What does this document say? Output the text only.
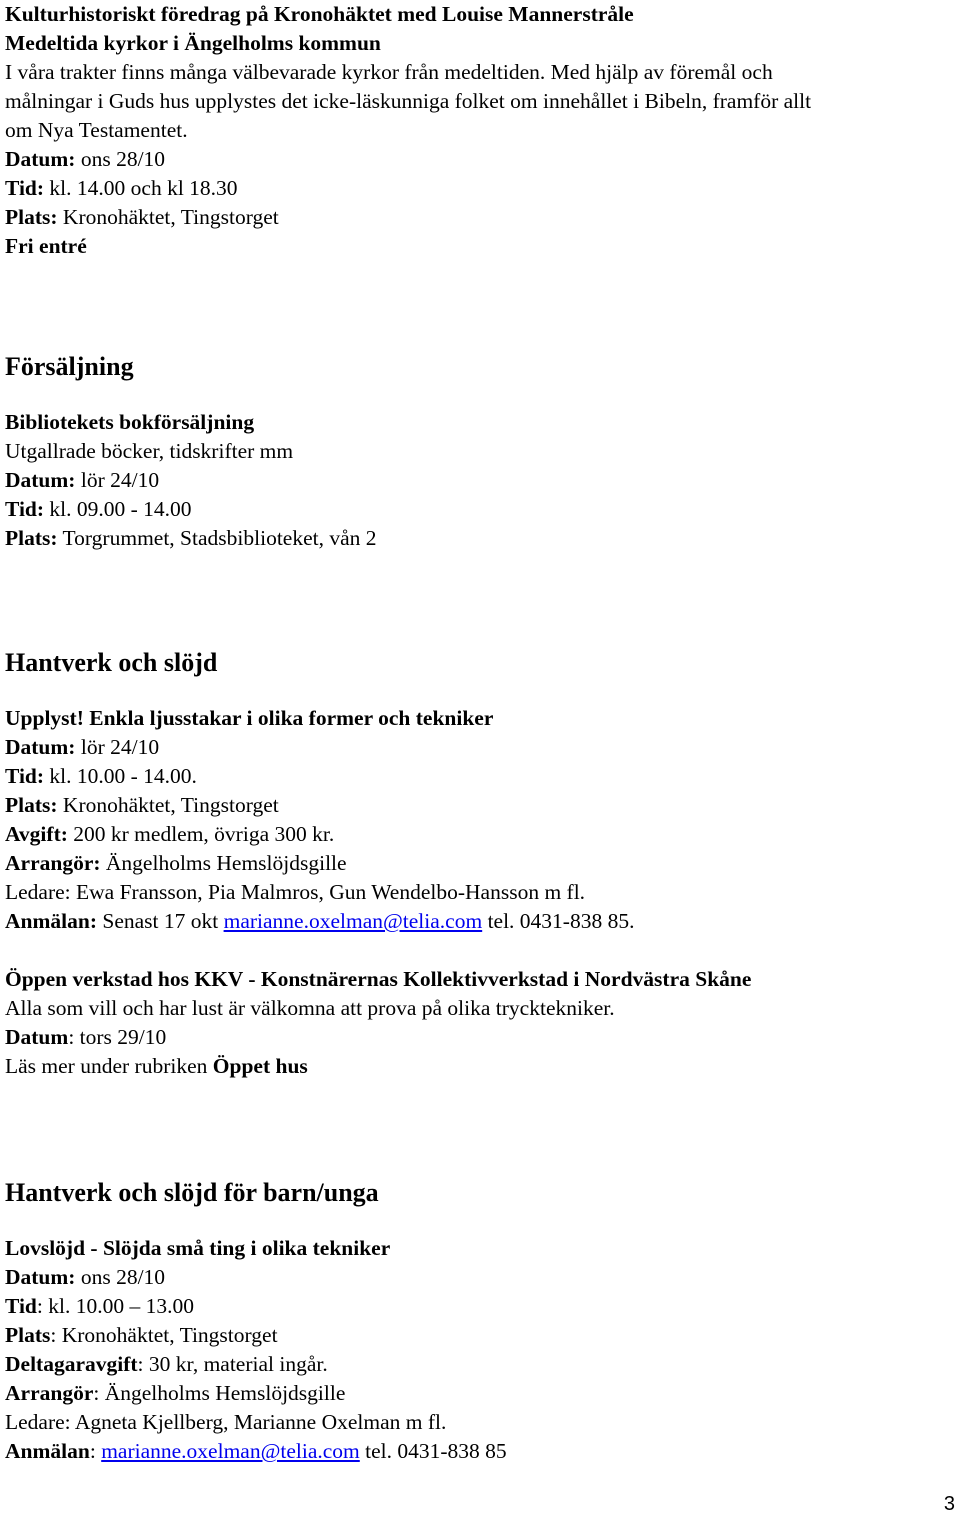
Kulturhistoriskt föredrag på Kronohäktet med Louise Mannerstråle

Medeltida kyrkor i Ängelholms kommun

I våra trakter finns många välbevarade kyrkor från medeltiden. Med hjälp av föremål och

målningar i Guds hus upplystes det icke-läskunniga folket om innehållet i Bibeln, framför allt

om Nya Testamentet.

Datum: ons 28/10

Tid: kl. 14.00 och kl 18.30

Plats: Kronohäktet, Tingstorget

Fri entré

Försäljning

Bibliotekets bokförsäljning

Utgallrade böcker, tidskrifter mm

Datum: lör 24/10

Tid: kl. 09.00 - 14.00

Plats: Torgrummet, Stadsbiblioteket, vån 2

Hantverk och slöjd

Upplyst! Enkla ljusstakar i olika former och tekniker

Datum: lör 24/10

Tid: kl. 10.00 - 14.00.

Plats: Kronohäktet, Tingstorget

Avgift: 200 kr medlem, övriga 300 kr.

Arrangör: Ängelholms Hemslöjdsgille

Ledare: Ewa Fransson, Pia Malmros, Gun Wendelbo-Hansson m fl.

Anmälan: Senast 17 okt marianne.oxelman@telia.com tel. 0431-838 85.

Öppen verkstad hos KKV - Konstnärernas Kollektivverkstad i Nordvästra Skåne

Alla som vill och har lust är välkomna att prova på olika trycktekniker.

Datum: tors 29/10

Läs mer under rubriken Öppet hus

Hantverk och slöjd för barn/unga

Lovslöjd - Slöjda små ting i olika tekniker

Datum: ons 28/10

Tid: kl. 10.00 – 13.00

Plats: Kronohäktet, Tingstorget

Deltagaravgift: 30 kr, material ingår.

Arrangör: Ängelholms Hemslöjdsgille

Ledare: Agneta Kjellberg, Marianne Oxelman m fl.

Anmälan: marianne.oxelman@telia.com tel. 0431-838 85

3
